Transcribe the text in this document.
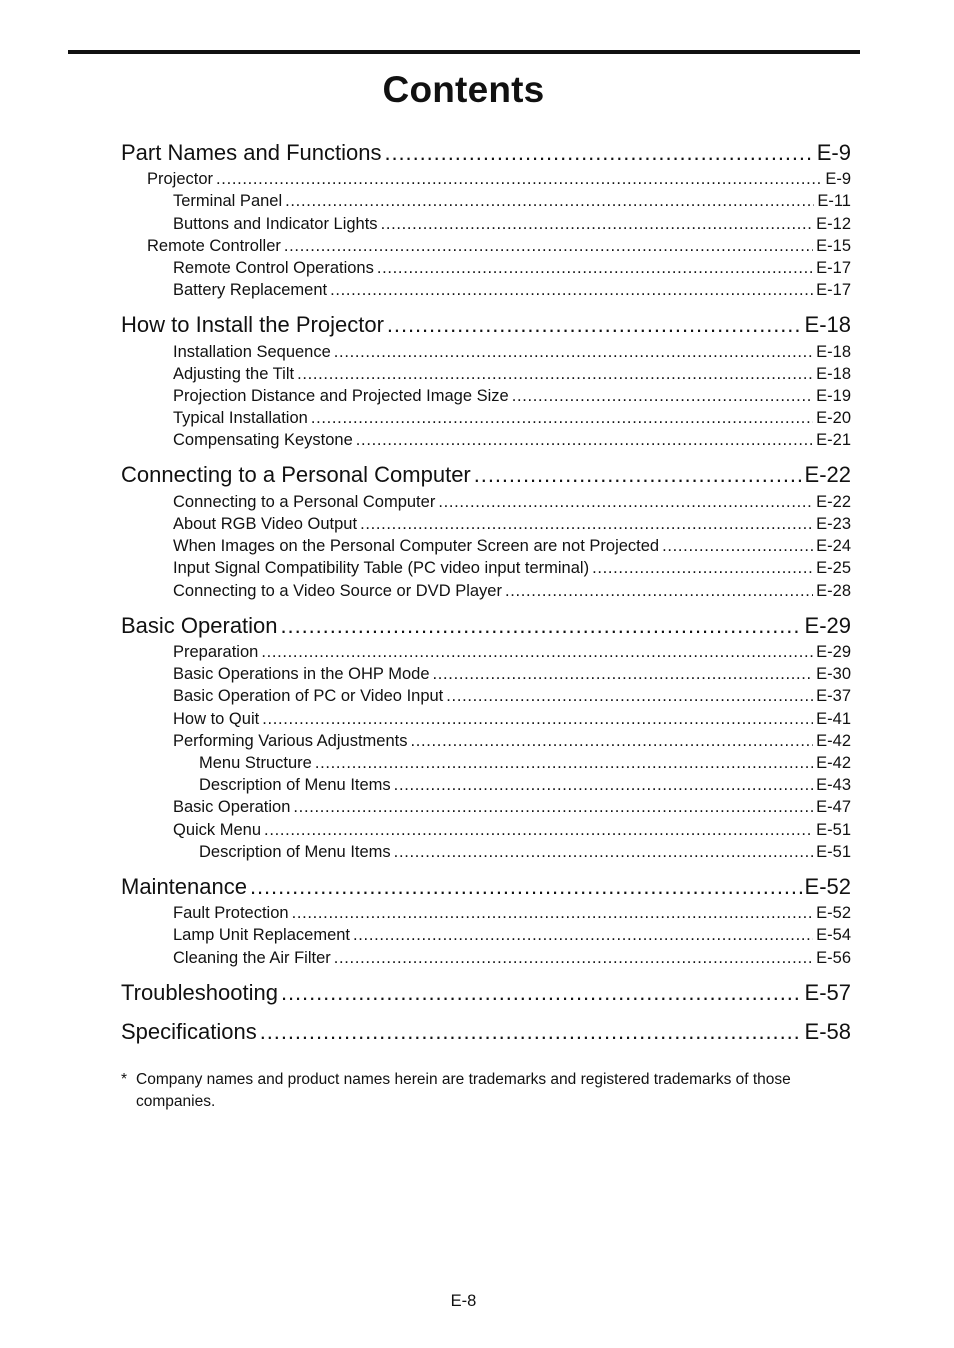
Contents
Part Names and Functions . . .	E-9
Projector . . .	E-9
Terminal Panel . . .	E-11
Buttons and Indicator Lights . . .	E-12
Remote Controller . . .	E-15
Remote Control Operations . . .	E-17
Battery Replacement . . .	E-17
How to Install the Projector . . .	E-18
Installation Sequence . . .	E-18
Adjusting the Tilt . . .	E-18
Projection Distance and Projected Image Size . . .	E-19
Typical Installation . . .	E-20
Compensating Keystone . . .	E-21
Connecting to a Personal Computer . . .	E-22
Connecting to a Personal Computer . . .	E-22
About RGB Video Output . . .	E-23
When Images on the Personal Computer Screen are not Projected . . .	E-24
Input Signal Compatibility Table (PC video input terminal) . . .	E-25
Connecting to a Video Source or DVD Player . . .	E-28
Basic Operation . . .	E-29
Preparation . . .	E-29
Basic Operations in the OHP Mode . . .	E-30
Basic Operation of PC or Video Input . . .	E-37
How to Quit . . .	E-41
Performing Various Adjustments . . .	E-42
Menu Structure . . .	E-42
Description of Menu Items . . .	E-43
Basic Operation . . .	E-47
Quick Menu . . .	E-51
Description of Menu Items . . .	E-51
Maintenance . . .	E-52
Fault Protection . . .	E-52
Lamp Unit Replacement . . .	E-54
Cleaning the Air Filter . . .	E-56
Troubleshooting . . .	E-57
Specifications . . .	E-58
* Company names and product names herein are trademarks and registered trademarks of those companies.
E-8
